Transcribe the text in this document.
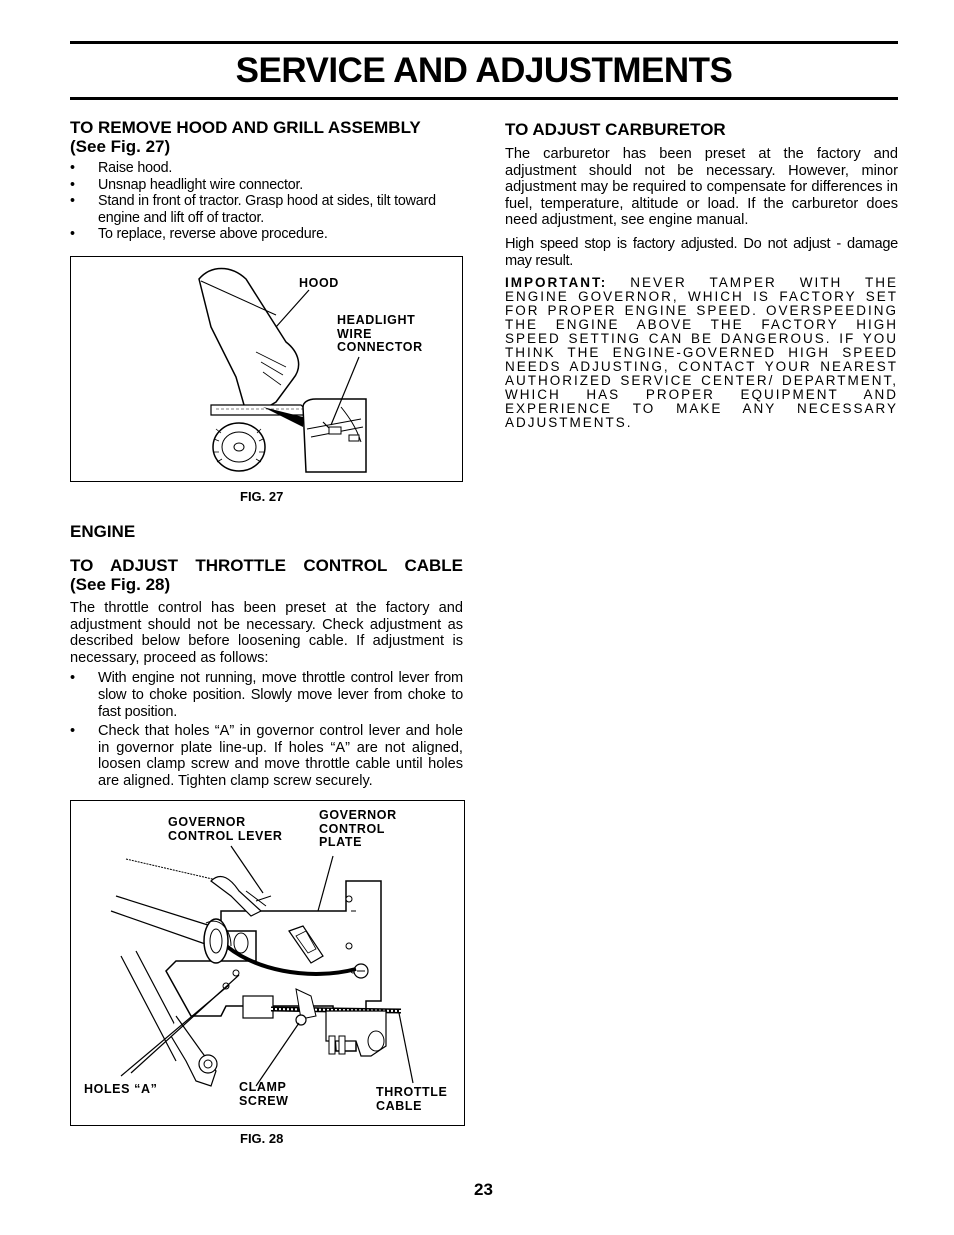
SERVICE AND ADJUSTMENTS
TO REMOVE HOOD AND GRILL ASSEMBLY
(See Fig. 27)
• Raise hood.
• Unsnap headlight wire connector.
• Stand in front of tractor. Grasp hood at sides, tilt toward engine and lift off of tractor.
• To replace, reverse above procedure.
HOOD
HEADLIGHT
WIRE
CONNECTOR
FIG. 27
ENGINE
TO ADJUST THROTTLE CONTROL CABLE
(See Fig. 28)

The throttle control has been preset at the factory and adjustment should not be necessary. Check adjustment as described below before loosening cable. If adjustment is necessary, proceed as follows:

• With engine not running, move throttle control lever from slow to choke position. Slowly move lever from choke to fast position.
• Check that holes “A” in governor control lever and hole in governor plate line-up. If holes “A” are not aligned, loosen clamp screw and move throttle cable until holes are aligned. Tighten clamp screw securely.
GOVERNOR
CONTROL LEVER
GOVERNOR
CONTROL
PLATE
HOLES “A”	CLAMP
SCREW
THROTTLE
CABLE
FIG. 28
TO ADJUST CARBURETOR

The carburetor has been preset at the factory and adjustment should not be necessary. However, minor adjustment may be required to compensate for differences in fuel, temperature, altitude or load. If the carburetor does need adjustment, see engine manual.

High speed stop is factory adjusted. Do not adjust - damage may result.

IMPORTANT: NEVER TAMPER WITH THE ENGINE GOVERNOR, WHICH IS FACTORY SET FOR PROPER ENGINE SPEED. OVERSPEEDING THE ENGINE ABOVE THE FACTORY HIGH SPEED SETTING CAN BE DANGEROUS. IF YOU THINK THE ENGINE-GOVERNED HIGH SPEED NEEDS ADJUSTING, CONTACT YOUR NEAREST AUTHORIZED SERVICE CENTER/ DEPARTMENT, WHICH HAS PROPER EQUIPMENT AND EXPERIENCE TO MAKE ANY NECESSARY ADJUSTMENTS.

23
